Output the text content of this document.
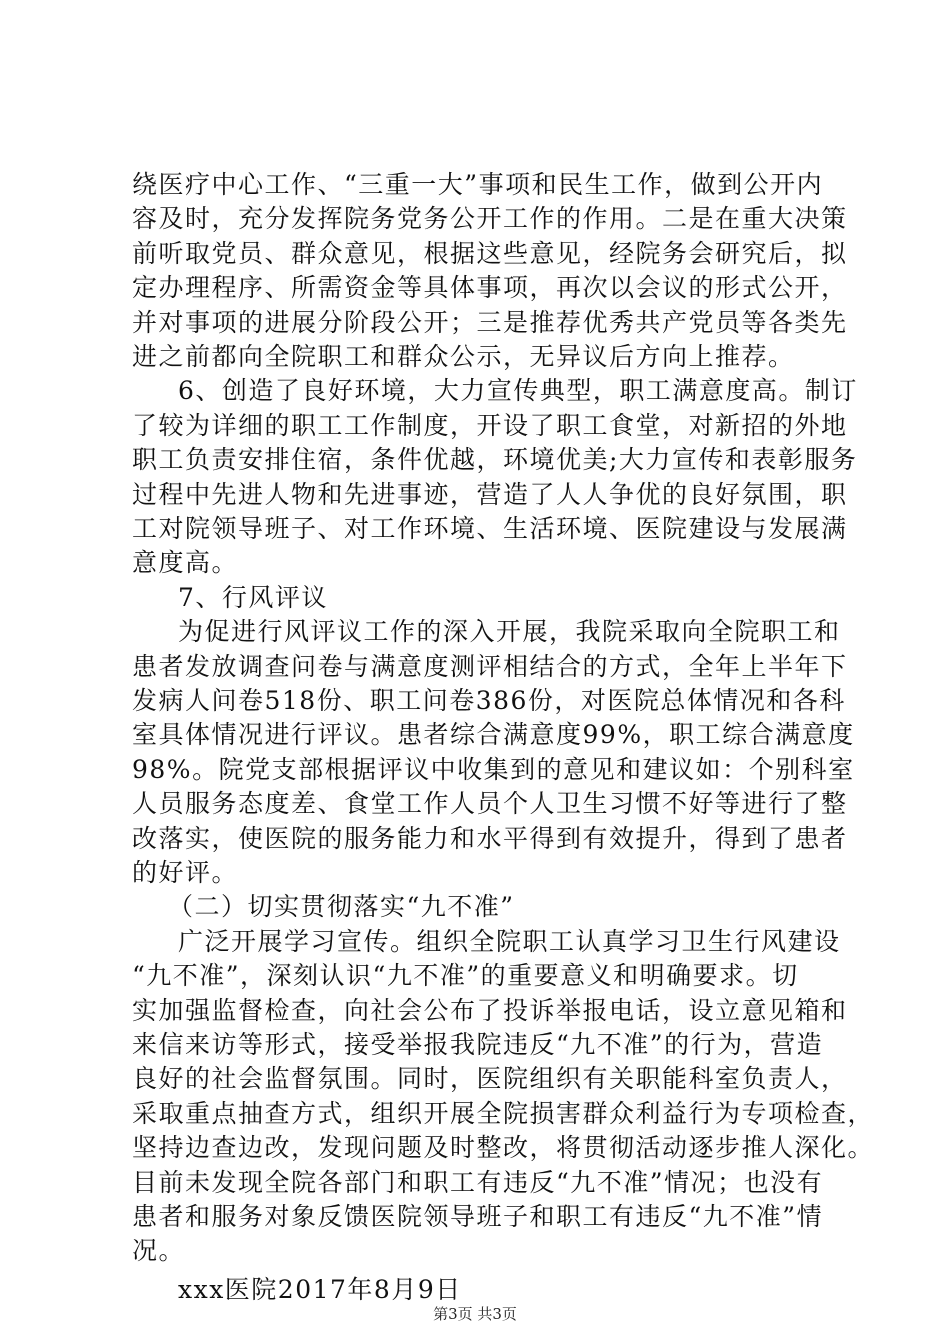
绕医疗中心工作、“三重一大”事项和民生工作，做到公开内
容及时，充分发挥院务党务公开工作的作用。二是在重大决策
前听取党员、群众意见，根据这些意见，经院务会研究后，拟
定办理程序、所需资金等具体事项，再次以会议的形式公开，
并对事项的进展分阶段公开；三是推荐优秀共产党员等各类先
进之前都向全院职工和群众公示，无异议后方向上推荐。
6、创造了良好环境，大力宣传典型，职工满意度高。制订
了较为详细的职工工作制度，开设了职工食堂，对新招的外地
职工负责安排住宿，条件优越，环境优美;大力宣传和表彰服务
过程中先进人物和先进事迹，营造了人人争优的良好氛围，职
工对院领导班子、对工作环境、生活环境、医院建设与发展满
意度高。
7、行风评议
为促进行风评议工作的深入开展，我院采取向全院职工和
患者发放调查问卷与满意度测评相结合的方式，全年上半年下
发病人问卷518份、职工问卷386份，对医院总体情况和各科
室具体情况进行评议。患者综合满意度99%，职工综合满意度
98%。院党支部根据评议中收集到的意见和建议如：个别科室
人员服务态度差、食堂工作人员个人卫生习惯不好等进行了整
改落实，使医院的服务能力和水平得到有效提升，得到了患者
的好评。
（二）切实贯彻落实“九不准”
广泛开展学习宣传。组织全院职工认真学习卫生行风建设
“九不准”，深刻认识“九不准”的重要意义和明确要求。切
实加强监督检查，向社会公布了投诉举报电话，设立意见箱和
来信来访等形式，接受举报我院违反“九不准”的行为，营造
良好的社会监督氛围。同时，医院组织有关职能科室负责人，
采取重点抽查方式，组织开展全院损害群众利益行为专项检查，
坚持边查边改，发现问题及时整改，将贯彻活动逐步推人深化。
目前未发现全院各部门和职工有违反“九不准”情况；也没有
患者和服务对象反馈医院领导班子和职工有违反“九不准”情
况。
xxx医院2017年8月9日
第3页 共3页
